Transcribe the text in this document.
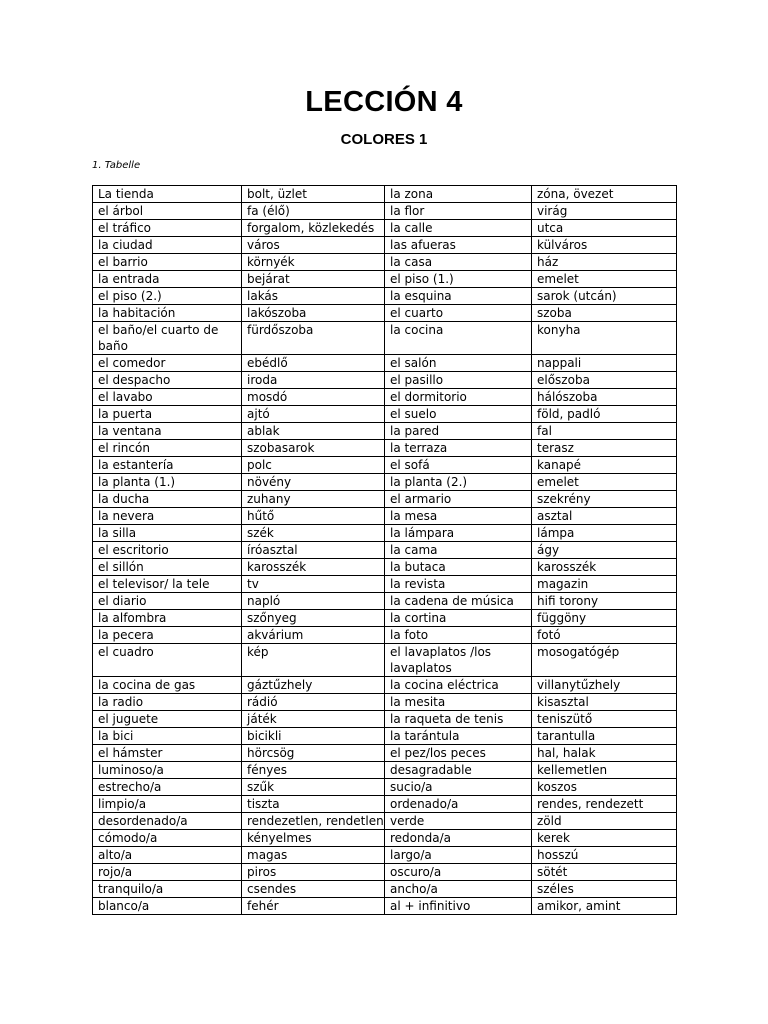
LECCIÓN 4
COLORES 1
1. Tabelle
La tienda	bolt, üzlet	la zona	zóna, övezet
el árbol	fa (élő)	la flor	virág
el tráfico	forgalom, közlekedés	la calle	utca
la ciudad	város	las afueras	külváros
el barrio	környék	la casa	ház
la entrada	bejárat	el piso (1.)	emelet
el piso (2.)	lakás	la esquina	sarok (utcán)
la habitación	lakószoba	el cuarto	szoba
el baño/el cuarto de baño	fürdőszoba	la cocina	konyha
el comedor	ebédlő	el salón	nappali
el despacho	iroda	el pasillo	előszoba
el lavabo	mosdó	el dormitorio	hálószoba
la puerta	ajtó	el suelo	föld, padló
la ventana	ablak	la pared	fal
el rincón	szobasarok	la terraza	terasz
la estantería	polc	el sofá	kanapé
la planta (1.)	növény	la planta (2.)	emelet
la ducha	zuhany	el armario	szekrény
la nevera	hűtő	la mesa	asztal
la silla	szék	la lámpara	lámpa
el escritorio	íróasztal	la cama	ágy
el sillón	karosszék	la butaca	karosszék
el televisor/ la tele	tv	la revista	magazin
el diario	napló	la cadena de música	hifi torony
la alfombra	szőnyeg	la cortina	függöny
la pecera	akvárium	la foto	fotó
el cuadro	kép	el lavaplatos /los lavaplatos	mosogatógép
la cocina de gas	gáztűzhely	la cocina eléctrica	villanytűzhely
la radio	rádió	la mesita	kisasztal
el juguete	játék	la raqueta de tenis	teniszütő
la bici	bicikli	la tarántula	tarantulla
el hámster	hörcsög	el pez/los peces	hal, halak
luminoso/a	fényes	desagradable	kellemetlen
estrecho/a	szűk	sucio/a	koszos
limpio/a	tiszta	ordenado/a	rendes, rendezett
desordenado/a	rendezetlen, rendetlen	verde	zöld
cómodo/a	kényelmes	redonda/a	kerek
alto/a	magas	largo/a	hosszú
rojo/a	piros	oscuro/a	sötét
tranquilo/a	csendes	ancho/a	széles
blanco/a	fehér	al + infinitivo	amikor, amint
